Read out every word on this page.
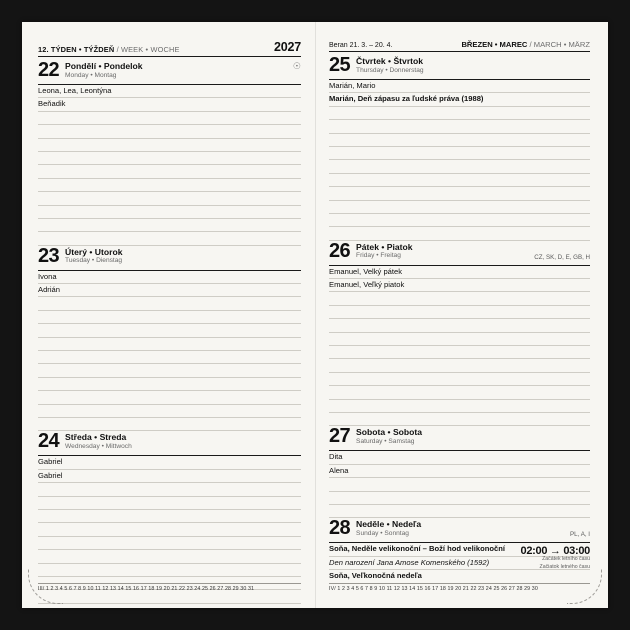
12. TÝDEN • TÝŽDEŇ / WEEK • WOCHE	2027
22 Pondělí • Pondelok
Monday • Montag
☉
Leona, Lea, Leontýna
Beňadik
23 Úterý • Utorok
Tuesday • Dienstag
Ivona
Adrián
24 Středa • Streda
Wednesday • Mittwoch
Gabriel
Gabriel
III/ 1 2 3 4 5 6 7 8 9 10 11 12 13 14 15 16 17 18 19 20 21 22 23 24 25 26 27 28 29 30 31
Beran 21. 3. – 20. 4.	BŘEZEN • MAREC / MARCH • MÄRZ
25 Čtvrtek • Štvrtok
Thursday • Donnerstag
Marián, Mario
Marián, Deň zápasu za ľudské práva (1988)
26 Pátek • Piatok
Friday • Freitag	CZ, SK, D, E, GB, H
Emanuel, Velký pátek
Emanuel, Veľký piatok
27 Sobota • Sobota
Saturday • Samstag
Dita
Alena
28 Neděle • Nedeľa
Sunday • Sonntag	PL, A, I
Soňa, Neděle velikonoční – Boží hod velikonoční
Den narození Jana Amose Komenského (1592)
Soňa, Veľkonočná nedeľa
02:00 → 03:00
Začátek letního času
Začiatok letného času
IV/ 1 2 3 4 5 6 7 8 9 10 11 12 13 14 15 16 17 18 19 20 21 22 23 24 25 26 27 28 29 30
